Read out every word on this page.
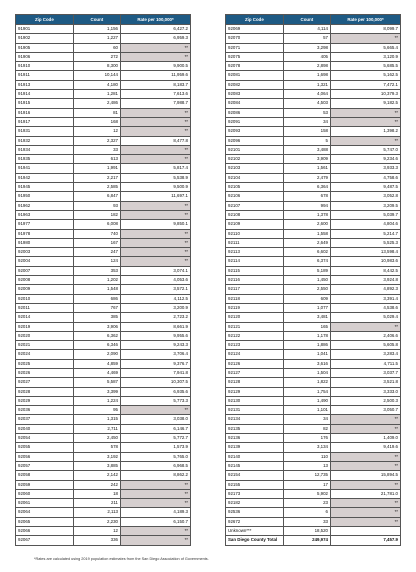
Zip Code	Count	Rate per 100,000*
91901	1,156	6,427.2
91902	1,227	6,959.3
91905	60	**
91906	272	**
91910	8,300	9,900.5
91911	10,144	11,959.6
91913	4,180	8,183.7
91914	1,281	7,613.6
91915	2,486	7,988.7
91916	81	**
91917	168	**
91931	12	**
91932	2,327	8,477.8
91934	33	**
91935	613	**
91941	1,991	5,817.4
91942	2,217	5,538.9
91945	2,585	9,500.9
91950	6,847	11,697.1
91962	93	**
91963	182	**
91977	6,008	9,850.1
91978	740	**
91980	167	**
92003	247	**
92004	124	**
92007	353	3,074.1
92008	1,202	4,053.6
92009	1,548	3,572.1
92010	686	4,112.5
92011	767	3,200.9
92014	385	2,723.2
92019	3,906	8,661.9
92020	6,362	9,955.6
92021	6,346	9,243.3
92024	2,090	3,706.4
92025	4,859	9,376.7
92026	4,469	7,941.8
92027	5,587	10,307.5
92028	3,399	6,935.6
92029	1,224	5,773.3
92036	95	**
92037	1,315	3,038.0
92040	2,711	6,146.7
92054	2,450	5,772.7
92055	578	1,573.9
92056	3,192	5,765.0
92057	3,885	6,968.5
92058	2,142	8,862.2
92059	242	**
92060	18	**
92061	211	**
92064	2,113	4,189.3
92065	2,230	6,150.7
92066	12	**
92067	336	**
Zip Code	Count	Rate per 100,000*
92069	4,114	8,099.7
92070	57	**
92071	3,298	5,665.4
92075	405	3,120.9
92078	2,898	5,685.5
92081	1,698	5,162.5
92082	1,321	7,472.1
92083	4,064	10,379.3
92084	4,503	9,182.5
92086	53	**
92091	34	**
92093	158	1,398.2
92096	5	**
92101	3,488	5,747.0
92102	3,909	9,234.6
92103	1,561	3,933.3
92104	2,479	4,758.6
92105	6,364	9,487.5
92106	678	3,052.8
92107	994	3,209.5
92108	1,378	5,039.7
92109	2,600	4,804.6
92110	1,558	5,214.7
92111	2,649	5,525.3
92113	6,602	13,598.4
92114	6,374	10,983.6
92115	5,189	8,442.5
92116	1,450	3,924.8
92117	2,550	4,892.3
92118	609	3,391.4
92119	1,077	4,538.6
92120	3,481	5,029.4
92121	165	**
92122	1,178	2,406.6
92123	1,886	5,605.8
92124	1,041	3,283.4
92126	3,616	4,711.5
92127	1,504	3,037.7
92128	1,822	3,521.8
92129	1,754	3,333.0
92130	1,490	2,500.3
92131	1,101	3,050.7
92134	34	**
92135	82	**
92136	176	1,409.0
92139	3,134	9,419.6
92140	110	**
92145	13	**
92154	12,735	15,894.5
92155	17	**
92173	5,902	21,781.0
92182	23	**
92536	6	**
92672	33	**
Unknown***	18,520	
San Diego County Total	249,974	7,457.9
*Rates are calculated using 2019 population estimates from the San Diego Association of Governments.
